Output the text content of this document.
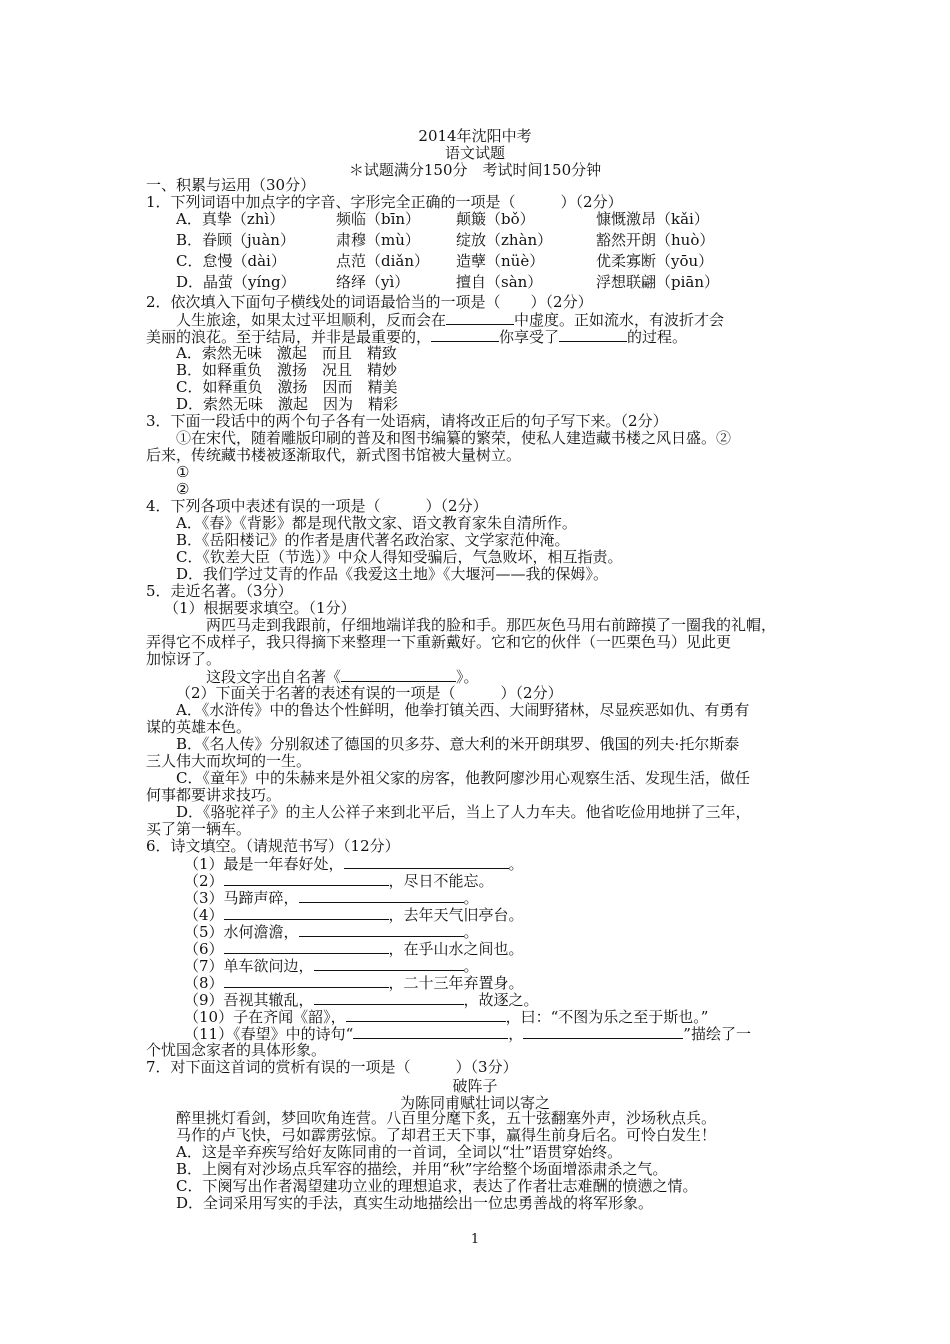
2014年沈阳中考
语文试题
＊试题满分150分　考试时间150分钟
一、积累与运用（30分）
1．下列词语中加点字的字音、字形完全正确的一项是（　　　）（2分）
A．真挚（zhì）	频临（bīn） 颠簸（bǒ）	慷慨激昂（kǎi）
B．眷顾（juàn）	肃穆（mù） 绽放（zhàn）	豁然开朗（huò）
C．怠慢（dài）	点范（diǎn） 造孽（nüè）	优柔寡断（yōu）
D．晶萤（yíng）	络绎（yì）	擅自（sàn）	浮想联翩（piān）
2．依次填入下面句子横线处的词语最恰当的一项是（　　）（2分）
人生旅途，如果太过平坦顺利，反而会在	中虚度。正如流水，有波折才会
美丽的浪花。至于结局，并非是最重要的，	你享受了	的过程。
A．索然无味　激起　而且　精致
B．如释重负　激扬　况且　精妙
C．如释重负　激扬　因而　精美
D．索然无味　激起　因为　精彩
3．下面一段话中的两个句子各有一处语病，请将改正后的句子写下来。（2分）
①在宋代，随着雕版印刷的普及和图书编纂的繁荣，使私人建造藏书楼之风日盛。②
后来，传统藏书楼被逐渐取代，新式图书馆被大量树立。
①
②
4．下列各项中表述有误的一项是（　　　）（2分）
A．《春》《背影》都是现代散文家、语文教育家朱自清所作。
B．《岳阳楼记》的作者是唐代著名政治家、文学家范仲淹。
C．《钦差大臣（节选）》中众人得知受骗后，气急败坏，相互指责。
D．我们学过艾青的作品《我爱这土地》《大堰河——我的保姆》。
5．走近名著。（3分）
（1）根据要求填空。（1分）
两匹马走到我跟前，仔细地端详我的脸和手。那匹灰色马用右前蹄摸了一圈我的礼帽，
弄得它不成样子，我只得摘下来整理一下重新戴好。它和它的伙伴（一匹栗色马）见此更
加惊讶了。
这段文字出自名著《	》。
（2）下面关于名著的表述有误的一项是（　　　）（2分）
A．《水浒传》中的鲁达个性鲜明，他拳打镇关西、大闹野猪林，尽显疾恶如仇、有勇有
谋的英雄本色。
B．《名人传》分别叙述了德国的贝多芬、意大利的米开朗琪罗、俄国的列夫·托尔斯泰
三人伟大而坎坷的一生。
C．《童年》中的朱赫来是外祖父家的房客，他教阿廖沙用心观察生活、发现生活，做任
何事都要讲求技巧。
D．《骆驼祥子》的主人公祥子来到北平后，当上了人力车夫。他省吃俭用地拼了三年，
买了第一辆车。
6．诗文填空。（请规范书写）（12分）
（1）最是一年春好处，	。
（2）	，尽日不能忘。
（3）马蹄声碎，	。
（4）	，去年天气旧亭台。
（5）水何澹澹，	。
（6）	，在乎山水之间也。
（7）单车欲问边，	。
（8）	，二十三年弃置身。
（9）吾视其辙乱，	，故逐之。
（10）子在齐闻《韶》，	，曰：“不图为乐之至于斯也。”
（11）《春望》中的诗句“	，	”描绘了一
个忧国念家者的具体形象。
7．对下面这首词的赏析有误的一项是（　　　）（3分）
破阵子
为陈同甫赋壮词以寄之
醉里挑灯看剑，梦回吹角连营。八百里分麾下炙，五十弦翻塞外声，沙场秋点兵。
马作的卢飞快，弓如霹雳弦惊。了却君王天下事，赢得生前身后名。可怜白发生！
A．这是辛弃疾写给好友陈同甫的一首词，全词以“壮”语贯穿始终。
B．上阕有对沙场点兵军容的描绘，并用“秋”字给整个场面增添肃杀之气。
C．下阕写出作者渴望建功立业的理想追求，表达了作者壮志难酬的愤懑之情。
D．全词采用写实的手法，真实生动地描绘出一位忠勇善战的将军形象。
1
